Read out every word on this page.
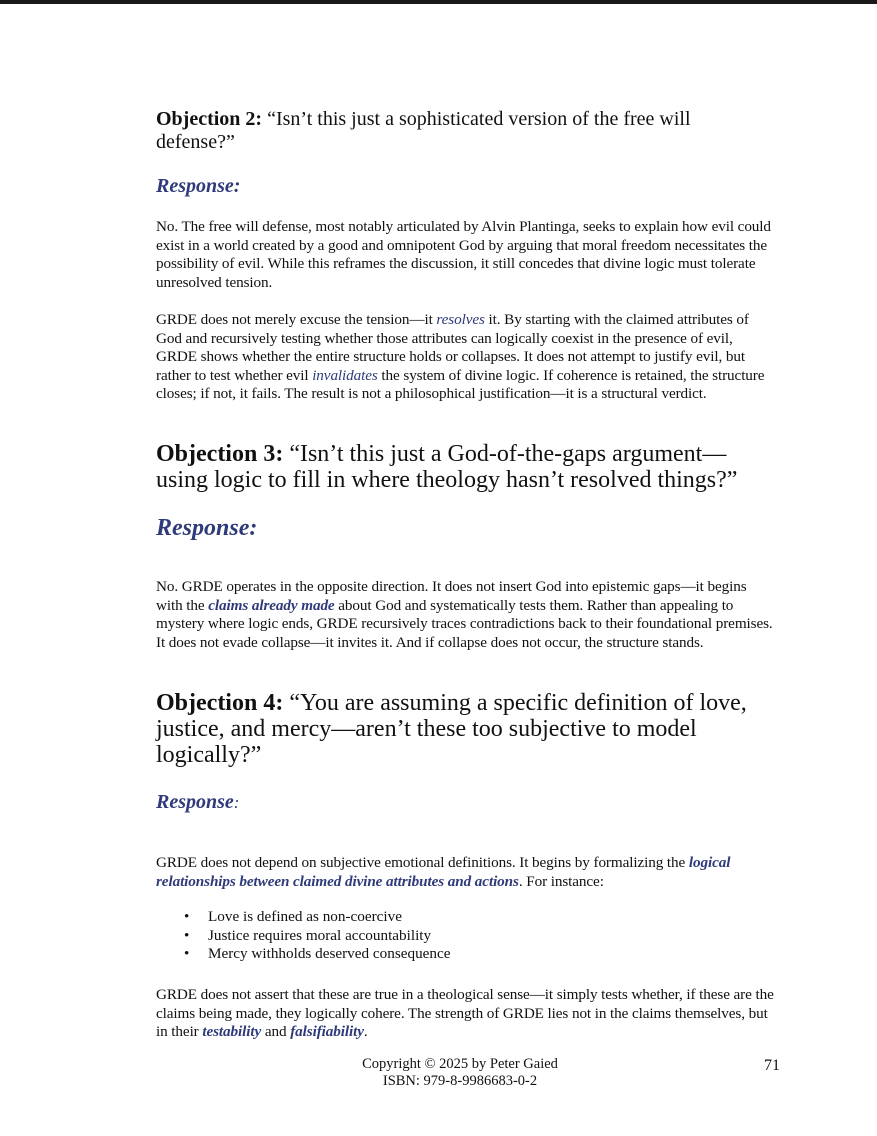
Objection 2: “Isn’t this just a sophisticated version of the free will defense?”

Response:

No. The free will defense, most notably articulated by Alvin Plantinga, seeks to explain how evil could exist in a world created by a good and omnipotent God by arguing that moral freedom necessitates the possibility of evil. While this reframes the discussion, it still concedes that divine logic must tolerate unresolved tension.

GRDE does not merely excuse the tension—it resolves it. By starting with the claimed attributes of God and recursively testing whether those attributes can logically coexist in the presence of evil, GRDE shows whether the entire structure holds or collapses. It does not attempt to justify evil, but rather to test whether evil invalidates the system of divine logic. If coherence is retained, the structure closes; if not, it fails. The result is not a philosophical justification—it is a structural verdict.

Objection 3: “Isn’t this just a God-of-the-gaps argument—using logic to fill in where theology hasn’t resolved things?”

Response:

No. GRDE operates in the opposite direction. It does not insert God into epistemic gaps—it begins with the claims already made about God and systematically tests them. Rather than appealing to mystery where logic ends, GRDE recursively traces contradictions back to their foundational premises. It does not evade collapse—it invites it. And if collapse does not occur, the structure stands.

Objection 4: “You are assuming a specific definition of love, justice, and mercy—aren’t these too subjective to model logically?”

Response:

GRDE does not depend on subjective emotional definitions. It begins by formalizing the logical relationships between claimed divine attributes and actions. For instance:

• Love is defined as non-coercive
• Justice requires moral accountability
• Mercy withholds deserved consequence

GRDE does not assert that these are true in a theological sense—it simply tests whether, if these are the claims being made, they logically cohere. The strength of GRDE lies not in the claims themselves, but in their testability and falsifiability.

Copyright © 2025 by Peter Gaied
ISBN: 979-8-9986683-0-2
71
